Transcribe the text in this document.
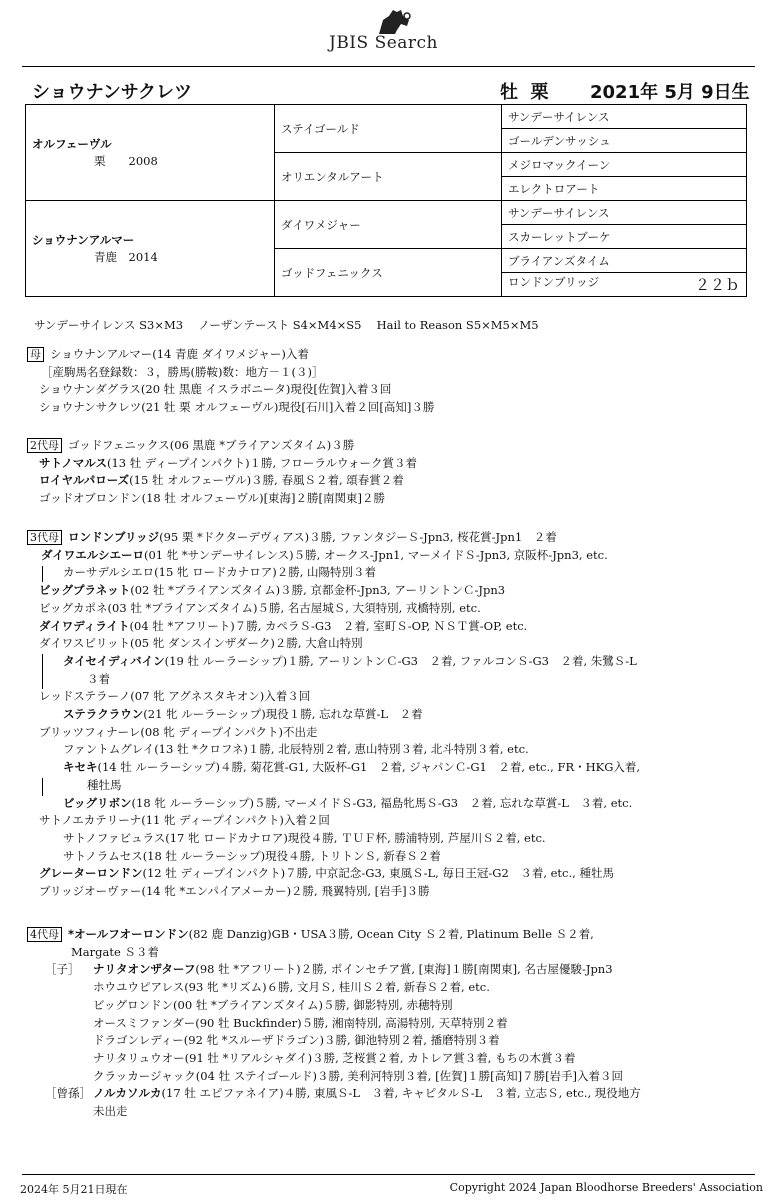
JBIS Search
ショウナンサクレツ	牡 栗 2021年 5月 9日生
オルフェーヴル
栗　　2008	ステイゴールド	サンデーサイレンス
		ゴールデンサッシュ
	オリエンタルアート	メジロマックイーン
		エレクトロアート

ショウナンアルマー
青鹿　2014	ダイワメジャー	サンデーサイレンス
		スカーレットブーケ
	ゴッドフェニックス	ブライアンズタイム
		ロンドンブリッジ ２２ｂ
サンデーサイレンス S3×M3　 ノーザンテースト S4×M4×S5　 Hail to Reason S5×M5×M5
母 ショウナンアルマー(14 青鹿 ダイワメジャー)入着
［産駒馬名登録数：３，勝馬(勝鞍)数：地方－１(３)］
ショウナンダグラス(20 牡 黒鹿 イスラボニータ)現役[佐賀]入着３回
ショウナンサクレツ(21 牡 栗 オルフェーヴル)現役[石川]入着２回[高知]３勝
2代母 ゴッドフェニックス(06 黒鹿 *ブライアンズタイム)３勝
サトノマルス(13 牡 ディープインパクト)１勝, フローラルウォーク賞３着
ロイヤルパローズ(15 牡 オルフェーヴル)３勝, 春風Ｓ２着, 頌春賞２着
ゴッドオブロンドン(18 牡 オルフェーヴル)[東海]２勝[南関東]２勝
3代母 ロンドンブリッジ(95 栗 *ドクターデヴィアス)３勝, ファンタジーＳ-Jpn3, 桜花賞-Jpn1　２着
ダイワエルシエーロ(01 牝 *サンデーサイレンス)５勝, オークス-Jpn1, マーメイドＳ-Jpn3, 京阪杯-Jpn3, etc.
カーサデルシエロ(15 牝 ロードカナロア)２勝, 山陽特別３着
ビッグプラネット(02 牡 *ブライアンズタイム)３勝, 京都金杯-Jpn3, アーリントンＣ-Jpn3
ビッグカポネ(03 牡 *ブライアンズタイム)５勝, 名古屋城Ｓ, 大須特別, 戎橋特別, etc.
ダイワディライト(04 牡 *アフリート)７勝, カペラＳ-G3　２着, 室町Ｓ-OP, ＮＳＴ賞-OP, etc.
ダイワスピリット(05 牝 ダンスインザダーク)２勝, 大倉山特別
タイセイディバイン(19 牡 ルーラーシップ)１勝, アーリントンＣ-G3　２着, ファルコンＳ-G3　２着, 朱鷺Ｓ-L
３着
レッドステラーノ(07 牝 アグネスタキオン)入着３回
ステラクラウン(21 牝 ルーラーシップ)現役１勝, 忘れな草賞-L　２着
ブリッツフィナーレ(08 牝 ディープインパクト)不出走
ファントムグレイ(13 牡 *クロフネ)１勝, 北辰特別２着, 恵山特別３着, 北斗特別３着, etc.
キセキ(14 牡 ルーラーシップ)４勝, 菊花賞-G1, 大阪杯-G1　２着, ジャパンＣ-G1　２着, etc., FR・HKG入着,
種牡馬
ビッグリボン(18 牝 ルーラーシップ)５勝, マーメイドＳ-G3, 福島牝馬Ｓ-G3　２着, 忘れな草賞-L　３着, etc.
サトノエカテリーナ(11 牝 ディープインパクト)入着２回
サトノファビュラス(17 牝 ロードカナロア)現役４勝, ＴＵＦ杯, 勝浦特別, 芦屋川Ｓ２着, etc.
サトノラムセス(18 牡 ルーラーシップ)現役４勝, トリトンＳ, 新春Ｓ２着
グレーターロンドン(12 牡 ディープインパクト)７勝, 中京記念-G3, 東風Ｓ-L, 毎日王冠-G2　３着, etc., 種牡馬
ブリッジオーヴァー(14 牝 *エンパイアメーカー)２勝, 飛翼特別, [岩手]３勝
4代母 *オールフオーロンドン(82 鹿 Danzig)GB・USA３勝, Ocean City Ｓ２着, Platinum Belle Ｓ２着,
Margate Ｓ３着
［子］ ナリタオンザターフ(98 牡 *アフリート)２勝, ポインセチア賞, [東海]１勝[南関東], 名古屋優駿-Jpn3
ホウユウピアレス(93 牝 *リズム)６勝, 文月Ｓ, 桂川Ｓ２着, 新春Ｓ２着, etc.
ビッグロンドン(00 牡 *ブライアンズタイム)５勝, 御影特別, 赤穂特別
オースミファンダー(90 牡 Buckfinder)５勝, 湘南特別, 高湯特別, 天草特別２着
ドラゴンレディー(92 牝 *スルーザドラゴン)３勝, 御池特別２着, 播磨特別３着
ナリタリュウオー(91 牡 *リアルシャダイ)３勝, 芝桜賞２着, カトレア賞３着, もちの木賞３着
クラッカージャック(04 牡 ステイゴールド)３勝, 美利河特別３着, [佐賀]１勝[高知]７勝[岩手]入着３回
［曾孫］ ノルカソルカ(17 牡 エピファネイア)４勝, 東風Ｓ-L　３着, キャピタルＳ-L　３着, 立志Ｓ, etc., 現役地方
未出走
2024年 5月21日現在	Copyright 2024 Japan Bloodhorse Breeders' Association
